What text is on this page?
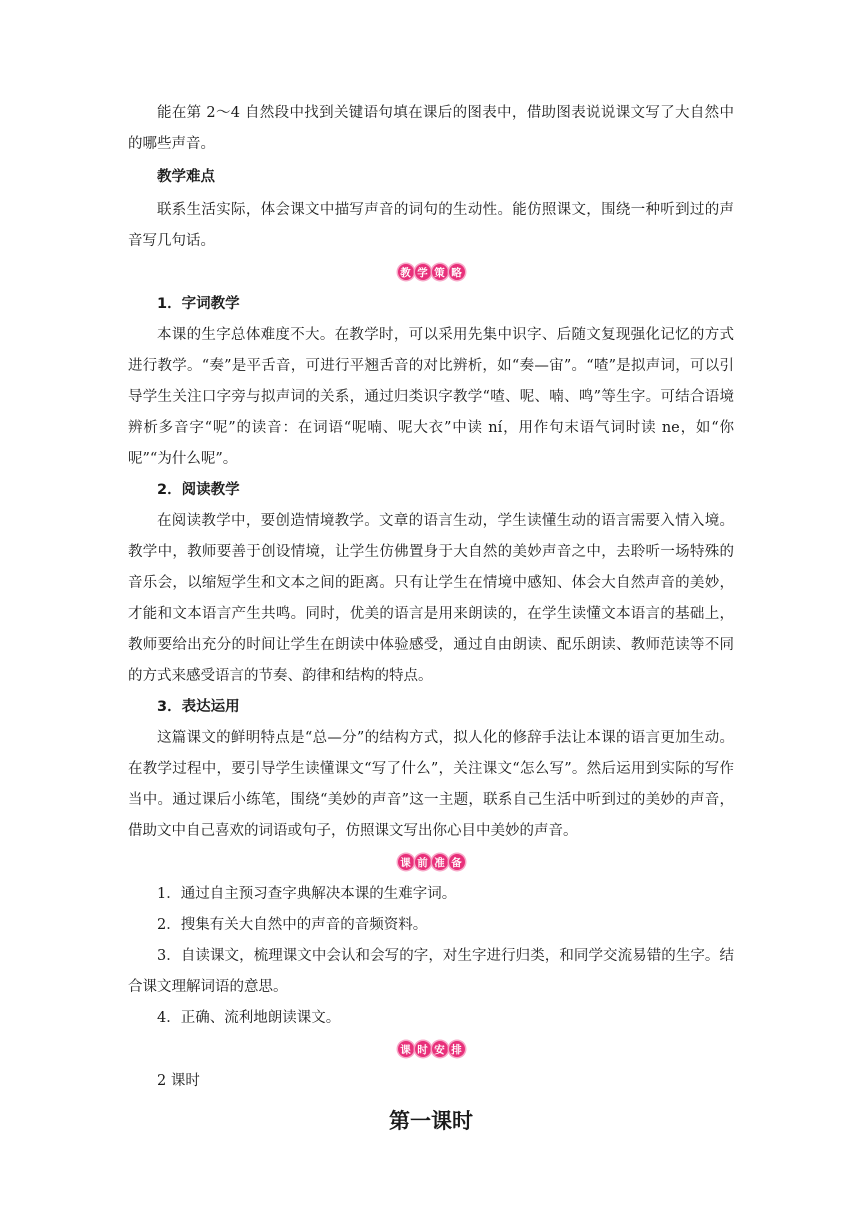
能在第 2～4 自然段中找到关键语句填在课后的图表中，借助图表说说课文写了大自然中的哪些声音。

教学难点

联系生活实际，体会课文中描写声音的词句的生动性。能仿照课文，围绕一种听到过的声音写几句话。

教 学 策 略

1．字词教学

本课的生字总体难度不大。在教学时，可以采用先集中识字、后随文复现强化记忆的方式进行教学。“奏”是平舌音，可进行平翘舌音的对比辨析，如“奏—宙”。“喳”是拟声词，可以引导学生关注口字旁与拟声词的关系，通过归类识字教学“喳、呢、喃、鸣”等生字。可结合语境辨析多音字“呢”的读音：在词语“呢喃、呢大衣”中读 ní，用作句末语气词时读 ne，如“你呢”“为什么呢”。

2．阅读教学

在阅读教学中，要创造情境教学。文章的语言生动，学生读懂生动的语言需要入情入境。教学中，教师要善于创设情境，让学生仿佛置身于大自然的美妙声音之中，去聆听一场特殊的音乐会，以缩短学生和文本之间的距离。只有让学生在情境中感知、体会大自然声音的美妙，才能和文本语言产生共鸣。同时，优美的语言是用来朗读的，在学生读懂文本语言的基础上，教师要给出充分的时间让学生在朗读中体验感受，通过自由朗读、配乐朗读、教师范读等不同的方式来感受语言的节奏、韵律和结构的特点。

3．表达运用

这篇课文的鲜明特点是“总—分”的结构方式，拟人化的修辞手法让本课的语言更加生动。在教学过程中，要引导学生读懂课文“写了什么”，关注课文“怎么写”。然后运用到实际的写作当中。通过课后小练笔，围绕“美妙的声音”这一主题，联系自己生活中听到过的美妙的声音，借助文中自己喜欢的词语或句子，仿照课文写出你心目中美妙的声音。

课 前 准 备

1．通过自主预习查字典解决本课的生难字词。

2．搜集有关大自然中的声音的音频资料。

3．自读课文，梳理课文中会认和会写的字，对生字进行归类，和同学交流易错的生字。结合课文理解词语的意思。

4．正确、流利地朗读课文。

课 时 安 排

2 课时

第一课时
